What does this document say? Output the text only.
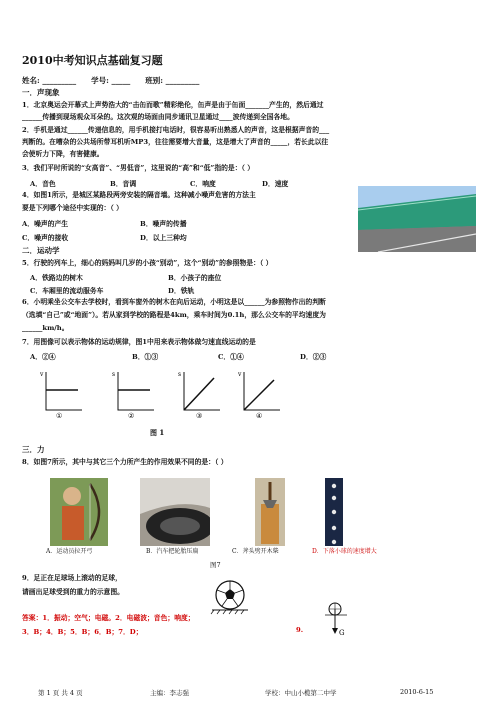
2010中考知识点基础复习题
姓名: _________　　学号: _____　　班别: _________
一．声现象
1．北京奥运会开幕式上声势浩大的“击缶而歌”精彩绝伦，缶声是由于缶面_______产生的，然后通过
______传播到现场观众耳朵的。这次观的场面由同步通讯卫星通过____波传递到全国各地。
2．手机是通过______传递信息的，用手机接打电话时，很容易听出熟悉人的声音，这是根据声音的___
判断的。在嘈杂的公共场所带耳机听MP3，往往需要增大音量，这是增大了声音的_____，若长此以往
会使听力下降，有害健康。
3．我们平时所说的“女高音”、“男低音”，这里说的“高”和“低”指的是：（ ）
A．音色	B．音调	C．响度	D．速度
4．如图1所示，是城区某路段两旁安装的隔音墙。这种减小噪声危害的方法主
要是下列哪个途径中实现的：（ ）
A．噪声的产生	B．噪声的传播
C．噪声的接收	D．以上三种均
二．运动学
5．行驶的列车上，细心的妈妈叫几岁的小孩“别动”，这个“别动”的参照物是：（ ）
A．铁路边的树木	B．小孩子的座位
C．车厢里的流动服务车	D．铁轨
6．小明乘坐公交车去学校时，看到车窗外的树木在向后运动，小明这是以______为参照物作出的判断
（选填“自己”或“地面”）。若从家到学校的路程是4km，乘车时间为0.1h，那么公交车的平均速度为
______km/h。
7．用图像可以表示物体的运动规律，图1中用来表示物体做匀速直线运动的是
A．②④	B．①③	C．①④	D．②③
v
①
s
②
s
③
v
④
图 1
三．力
8．如图7所示，其中与其它三个力所产生的作用效果不同的是：（ ）
A．运动员拉开弓	B．汽车把轮胎压扁	C．斧头劈开木柴	D．下落小球的速度增大
图7
9．足正在足球场上滚动的足球，
请画出足球受到的重力的示意图。
答案：1．振动；空气；电磁。2．电磁波；音色；响度；
3．B；4．B；5．B；6．B；7．D；	9.	G
第 1 页 共 4 页	主编：李志强	学校：中山小榄第二中学	2010-6-15
